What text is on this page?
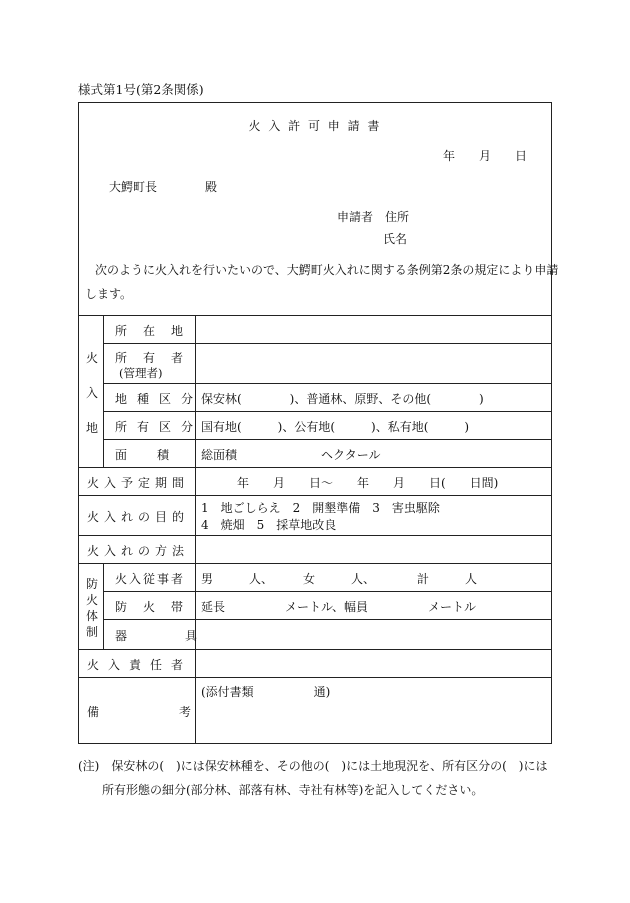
様式第1号(第2条関係)
火 入 許 可 申 請 書
年　　月　　日
大鰐町長　　　　殿
申請者　住所
氏名
次のように火入れを行いたいので、大鰐町火入れに関する条例第2条の規定により申請
します。
火
入
地
所　在　地
所　有　者
(管理者)
地種区分
所有区分
面　　積
保安林(　　　　)、普通林、原野、その他(　　　　)
国有地(　　　)、公有地(　　　)、私有地(　　　)
総面積　　　　　　　ヘクタール
火入予定期間	年　　月　　日～　　年　　月　　日(　　日間)
火入れの目的
1　地ごしらえ　2　開墾準備　3　害虫駆除
4　焼畑　5　採草地改良
火入れの方法
防
火
体
制
火入従事者 男　　　人、　　　女　　　人、　　　　計　　　人
防　火　帯 延長　　　　　メートル、幅員　　　　　メートル
器　　　　具
火入責任者
備	考
(添付書類　　　　　通)
(注)　保安林の(　)には保安林種を、その他の(　)には土地現況を、所有区分の(　)には
所有形態の細分(部分林、部落有林、寺社有林等)を記入してください。
